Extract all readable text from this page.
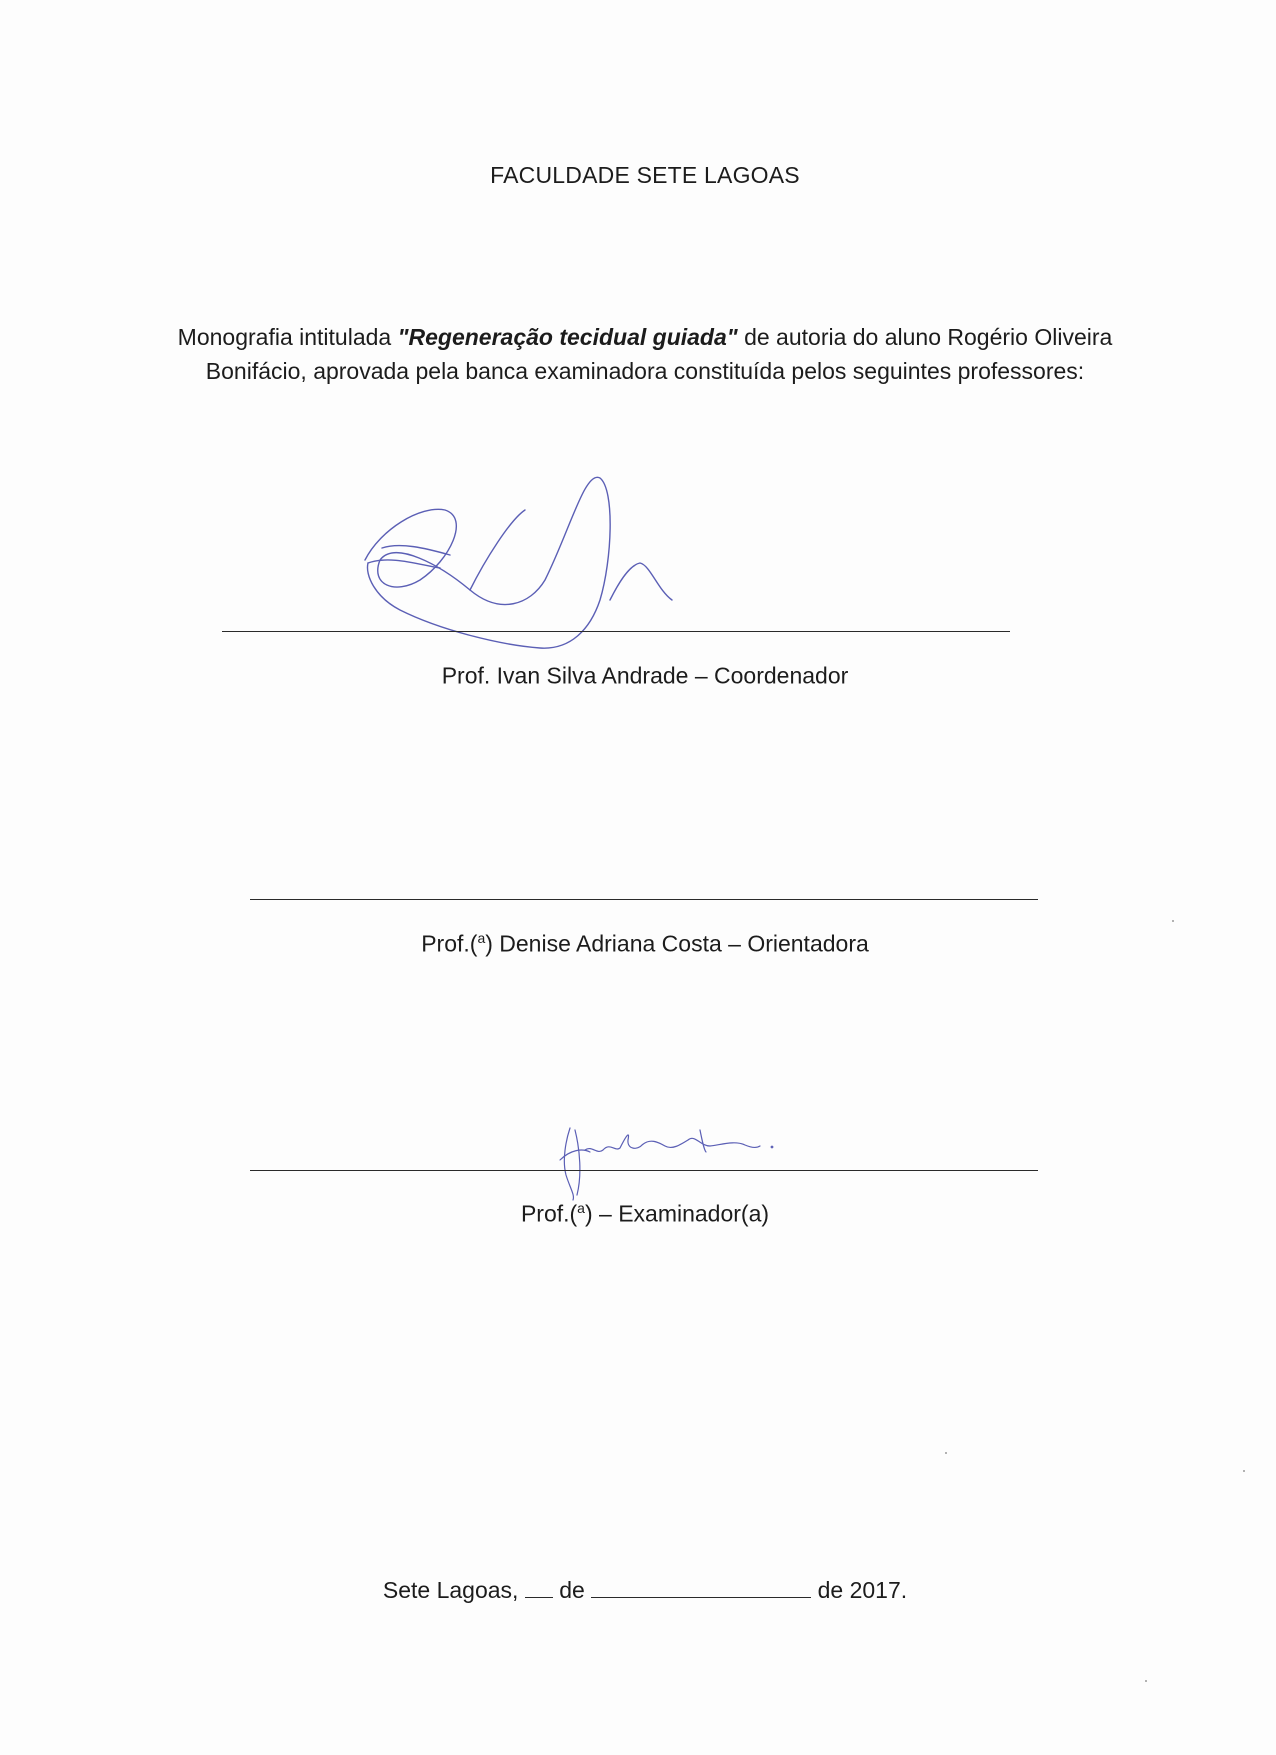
FACULDADE SETE LAGOAS
Monografia intitulada "Regeneração tecidual guiada" de autoria do aluno Rogério Oliveira Bonifácio, aprovada pela banca examinadora constituída pelos seguintes professores:
Prof. Ivan Silva Andrade – Coordenador
Prof.($^a$) Denise Adriana Costa – Orientadora
Prof.($^a$) – Examinador(a)
Sete Lagoas, de	de 2017.
